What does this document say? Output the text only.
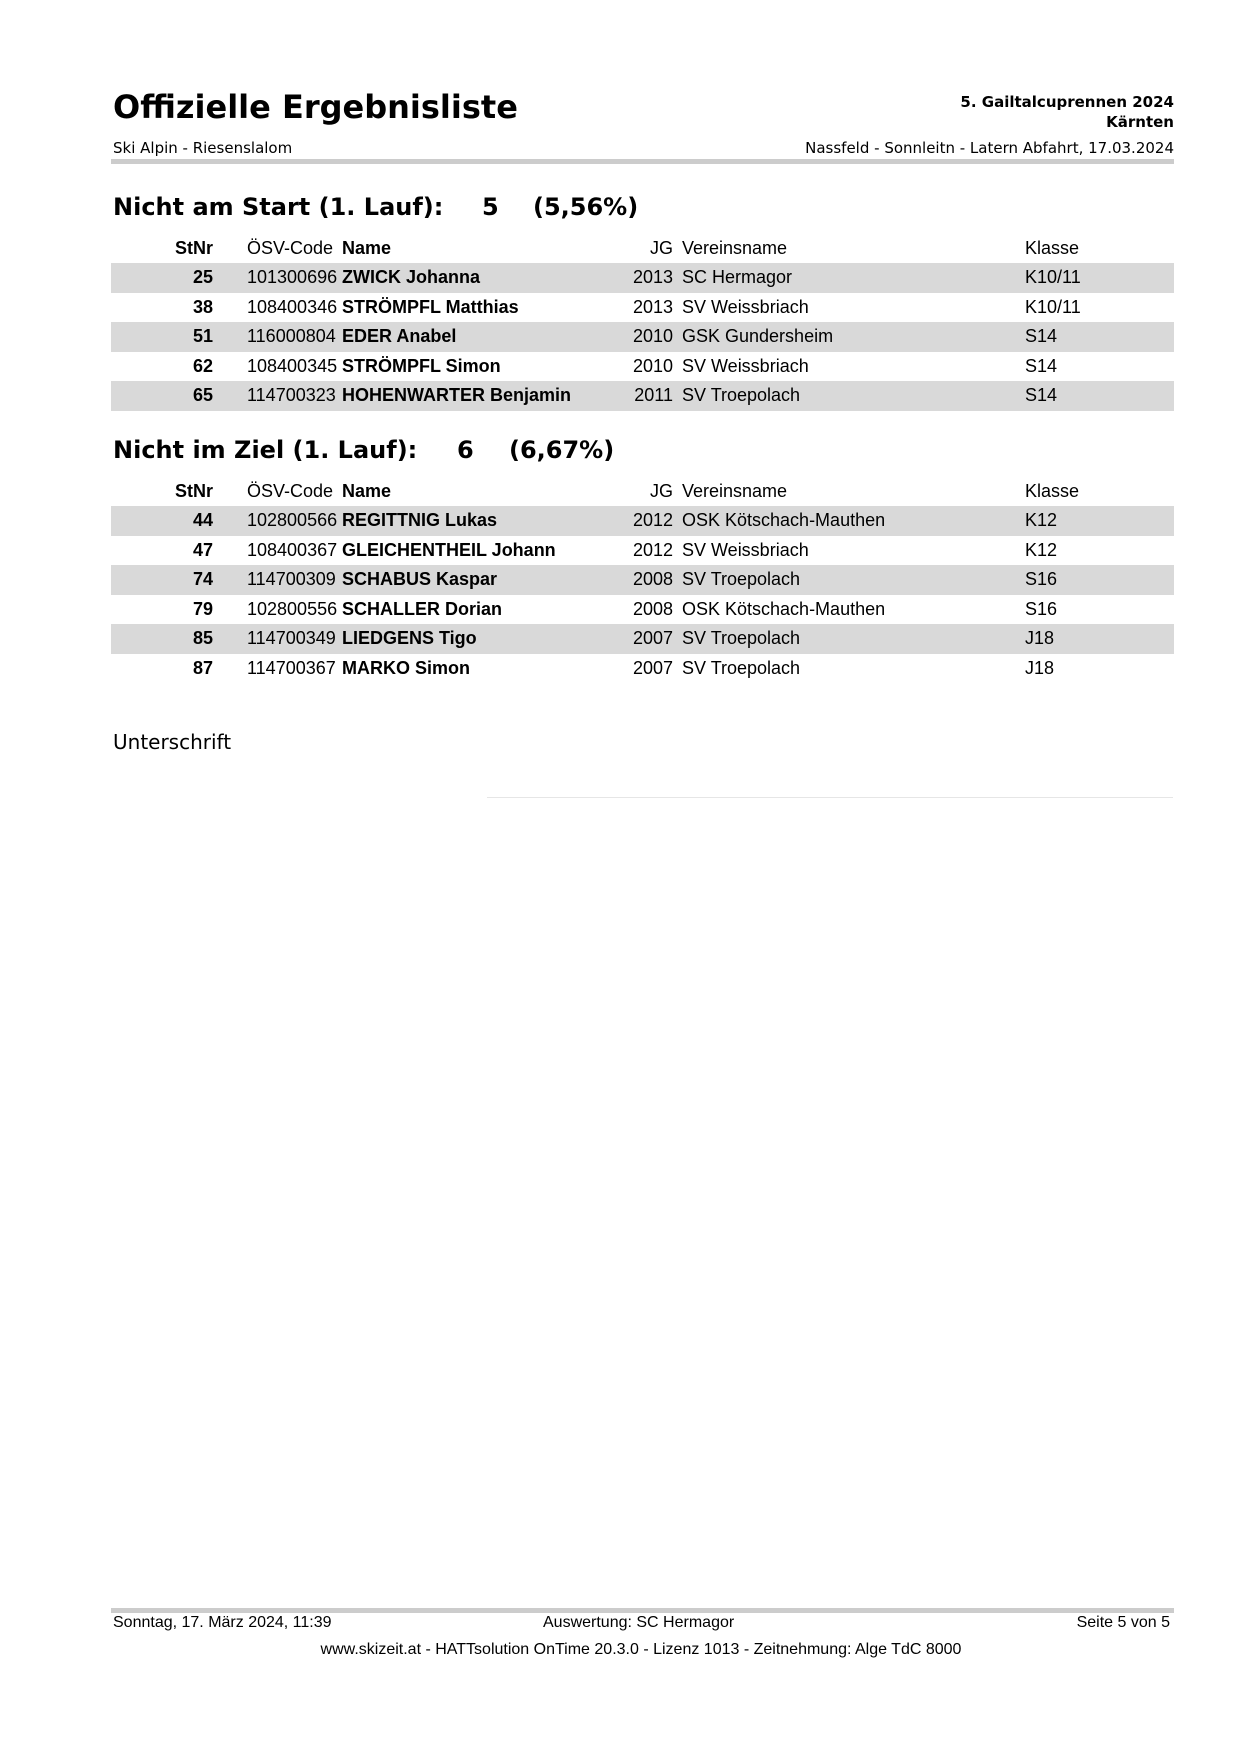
Offizielle Ergebnisliste
Ski Alpin - Riesenslalom
5. Gailtalcuprennen 2024
Kärnten
Nassfeld - Sonnleitn - Latern Abfahrt, 17.03.2024
Nicht am Start (1. Lauf): 5 (5,56%)
StNr ÖSV-Code Name	JG Vereinsname	Klasse
25 101300696 ZWICK Johanna	2013 SC Hermagor	K10/11
38 108400346 STRÖMPFL Matthias	2013 SV Weissbriach	K10/11
51 116000804 EDER Anabel	2010 GSK Gundersheim	S14
62 108400345 STRÖMPFL Simon	2010 SV Weissbriach	S14
65 114700323 HOHENWARTER Benjamin	2011 SV Troepolach	S14
Nicht im Ziel (1. Lauf): 6 (6,67%)
StNr ÖSV-Code Name	JG Vereinsname	Klasse
44 102800566 REGITTNIG Lukas	2012 OSK Kötschach-Mauthen	K12
47 108400367 GLEICHENTHEIL Johann	2012 SV Weissbriach	K12
74 114700309 SCHABUS Kaspar	2008 SV Troepolach	S16
79 102800556 SCHALLER Dorian	2008 OSK Kötschach-Mauthen	S16
85 114700349 LIEDGENS Tigo	2007 SV Troepolach	J18
87 114700367 MARKO Simon	2007 SV Troepolach	J18
Unterschrift
Sonntag, 17. März 2024, 11:39	Auswertung: SC Hermagor	Seite 5 von 5
www.skizeit.at - HATTsolution OnTime 20.3.0 - Lizenz 1013 - Zeitnehmung: Alge TdC 8000
